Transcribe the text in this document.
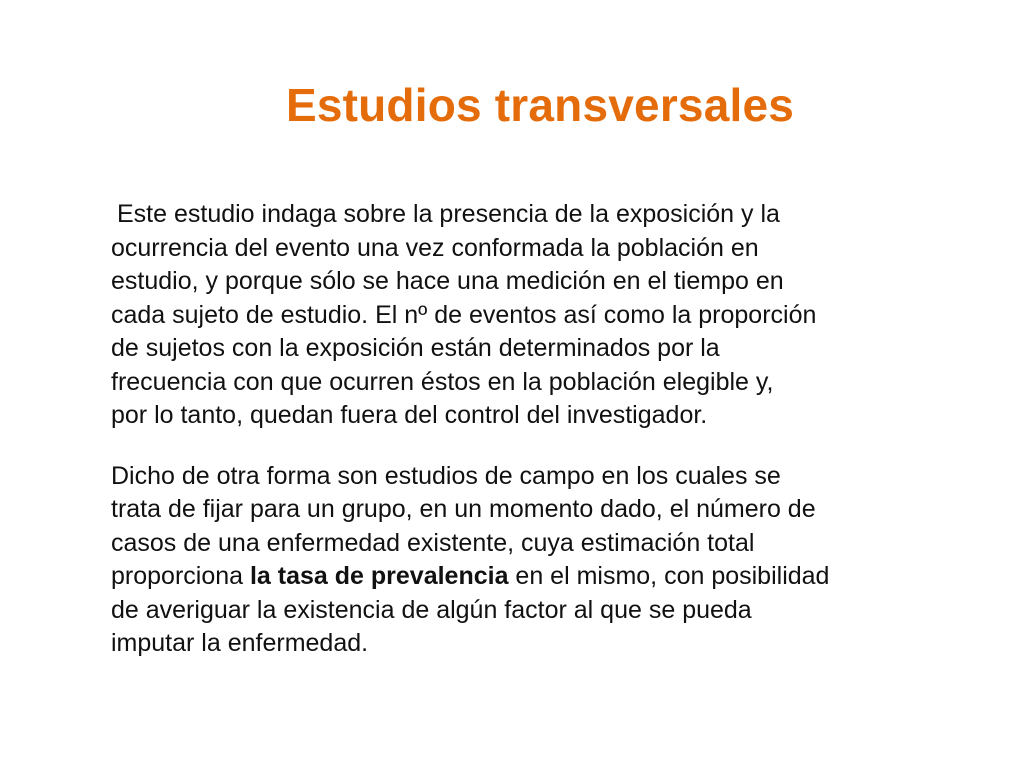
Estudios transversales

Este estudio indaga sobre la presencia de la exposición y la
ocurrencia del evento una vez conformada la población en
estudio, y porque sólo se hace una medición en el tiempo en
cada sujeto de estudio. El nº de eventos así como la proporción
de sujetos con la exposición están determinados por la
frecuencia con que ocurren éstos en la población elegible y,
por lo tanto, quedan fuera del control del investigador.

Dicho de otra forma son estudios de campo en los cuales se
trata de fijar para un grupo, en un momento dado, el número de
casos de una enfermedad existente, cuya estimación total
proporciona la tasa de prevalencia en el mismo, con posibilidad
de averiguar la existencia de algún factor al que se pueda
imputar la enfermedad.
